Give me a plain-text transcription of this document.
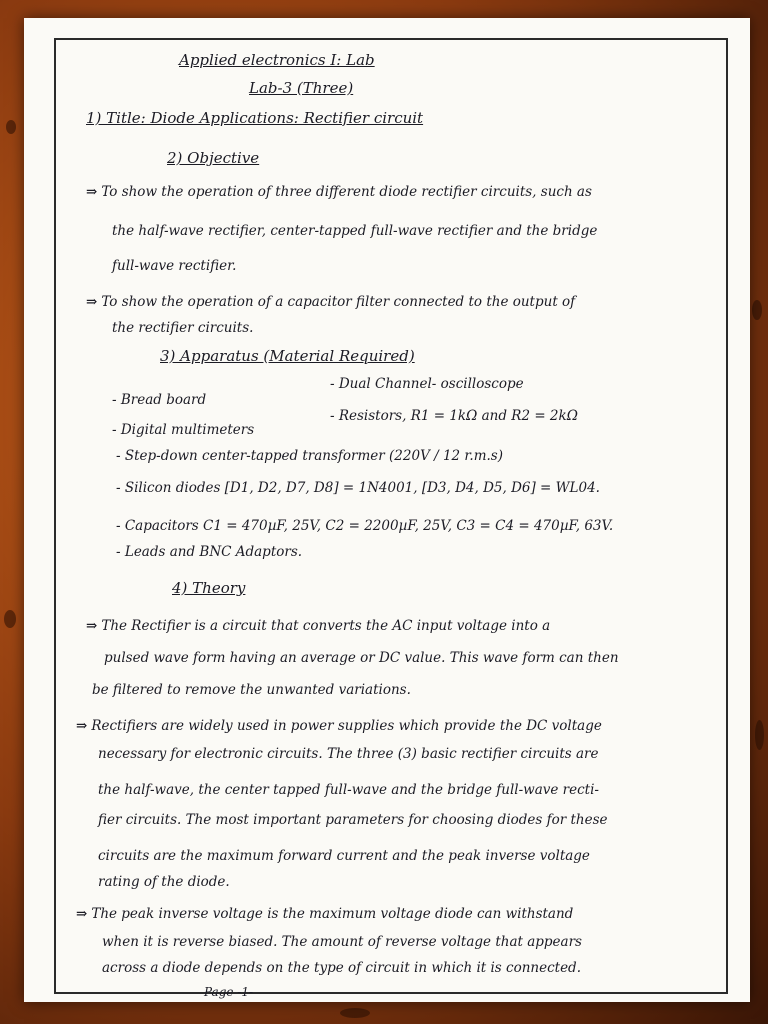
Applied electronics I: Lab
Lab-3 (Three)
1) Title: Diode Applications: Rectifier circuit
2) Objective
⇒ To show the operation of three different diode rectifier circuits, such as
the half-wave rectifier, center-tapped full-wave rectifier and the bridge
full-wave rectifier.
⇒ To show the operation of a capacitor filter connected to the output of
the rectifier circuits.
3) Apparatus (Material Required)
- Bread board
- Dual Channel- oscilloscope
- Digital multimeters
- Resistors, R1 = 1kΩ and R2 = 2kΩ
- Step-down center-tapped transformer (220V / 12 r.m.s)
- Silicon diodes [D1, D2, D7, D8] = 1N4001, [D3, D4, D5, D6] = WL04.
- Capacitors C1 = 470µF, 25V, C2 = 2200µF, 25V, C3 = C4 = 470µF, 63V.
- Leads and BNC Adaptors.
4) Theory
⇒ The Rectifier is a circuit that converts the AC input voltage into a
pulsed wave form having an average or DC value. This wave form can then
be filtered to remove the unwanted variations.
⇒ Rectifiers are widely used in power supplies which provide the DC voltage
necessary for electronic circuits. The three (3) basic rectifier circuits are
the half-wave, the center tapped full-wave and the bridge full-wave recti-
fier circuits. The most important parameters for choosing diodes for these
circuits are the maximum forward current and the peak inverse voltage
rating of the diode.
⇒ The peak inverse voltage is the maximum voltage diode can withstand
when it is reverse biased. The amount of reverse voltage that appears
across a diode depends on the type of circuit in which it is connected.
Page -1-
